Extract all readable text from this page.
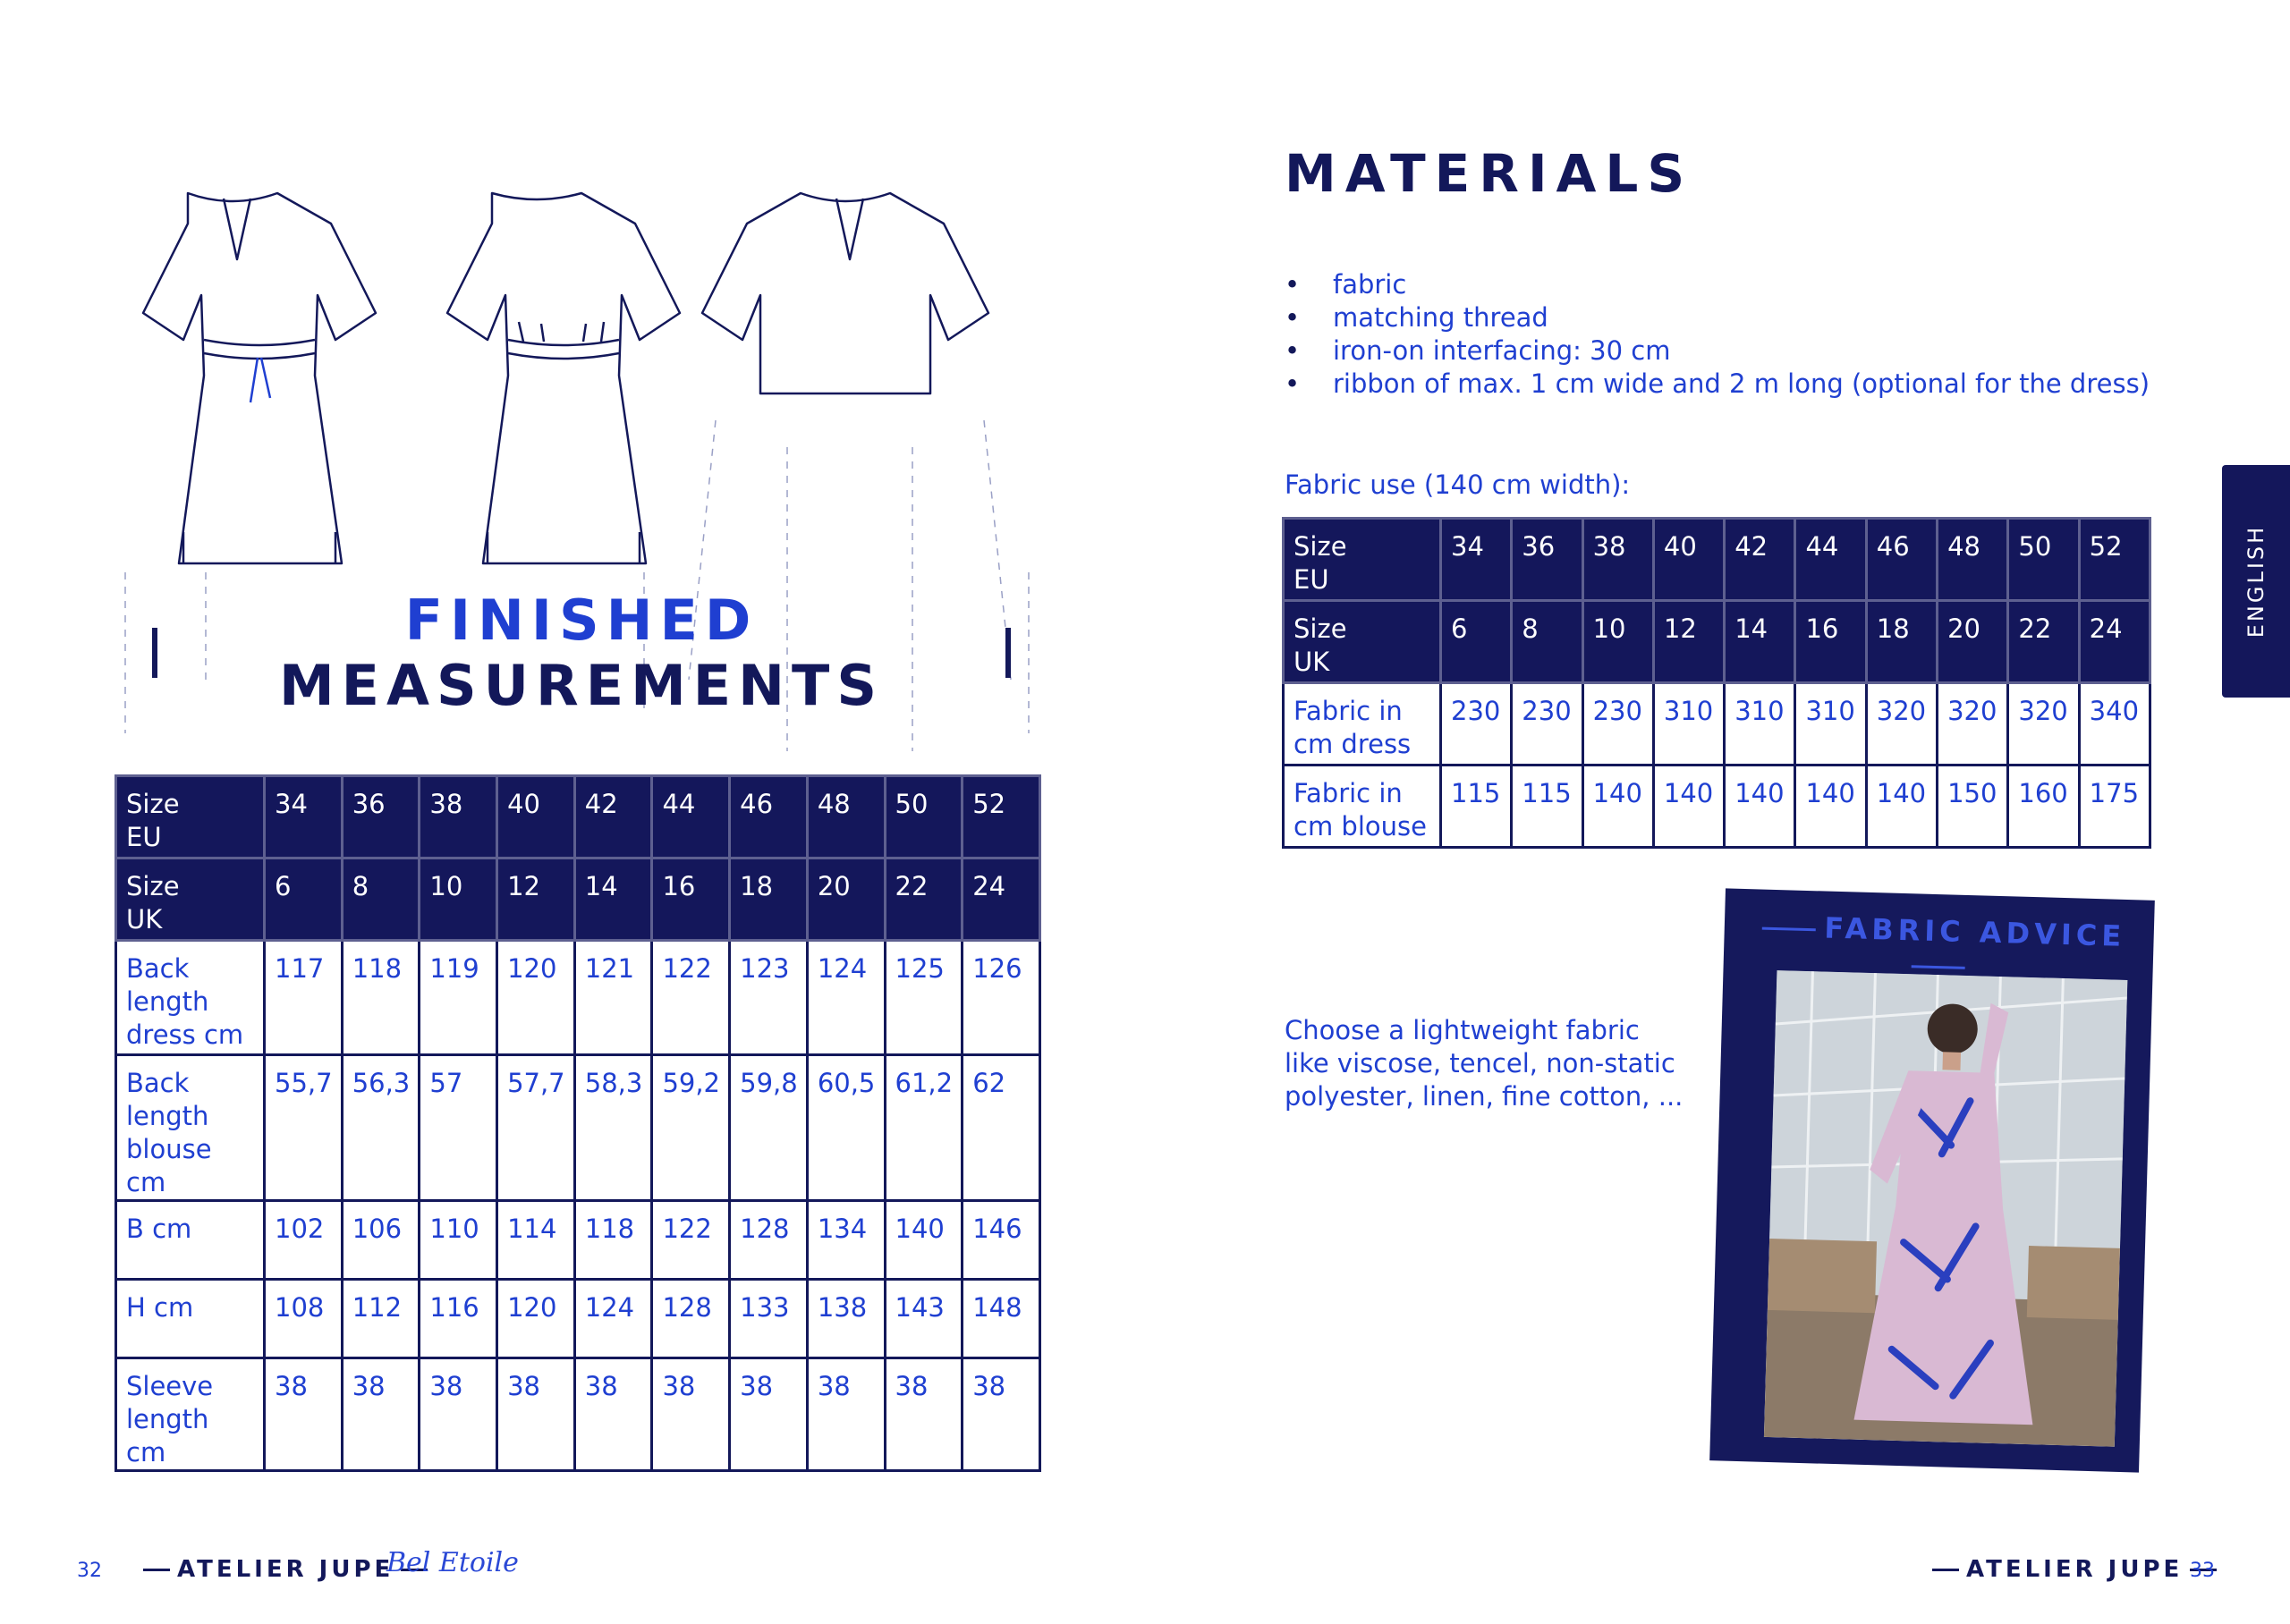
FINISHED MEASUREMENTS
Size
EU	34	36	38	40	42	44	46	48	50	52

Size
UK	6	8	10	12	14	16	18	20	22	24

Back
length
dress cm	117	118	119	120	121	122	123	124	125	126

Back
length
blouse cm	55,7	56,3	57	57,7	58,3	59,2	59,8	60,5	61,2	62

B cm	102	106	110	114	118	122	128	134	140	146

H cm	108	112	116	120	124	128	133	138	143	148

Sleeve
length cm	38	38	38	38	38	38	38	38	38	38
MATERIALS
• fabric
• matching thread
• iron-on interfacing: 30 cm
• ribbon of max. 1 cm wide and 2 m long (optional for the dress)
Fabric use (140 cm width):
Size
EU	34	36	38	40	42	44	46	48	50	52

Size
UK	6	8	10	12	14	16	18	20	22	24

Fabric in
cm dress	230	230	230	310	310	310	320	320	320	340

Fabric in
cm blouse	115	115	140	140	140	140	140	150	160	175
Choose a lightweight fabric
like viscose, tencel, non-static
polyester, linen, fine cotton, ...
FABRIC ADVICE
ENGLISH
32	ATELIER JUPE
Bel Etoile	ATELIER JUPE 33
